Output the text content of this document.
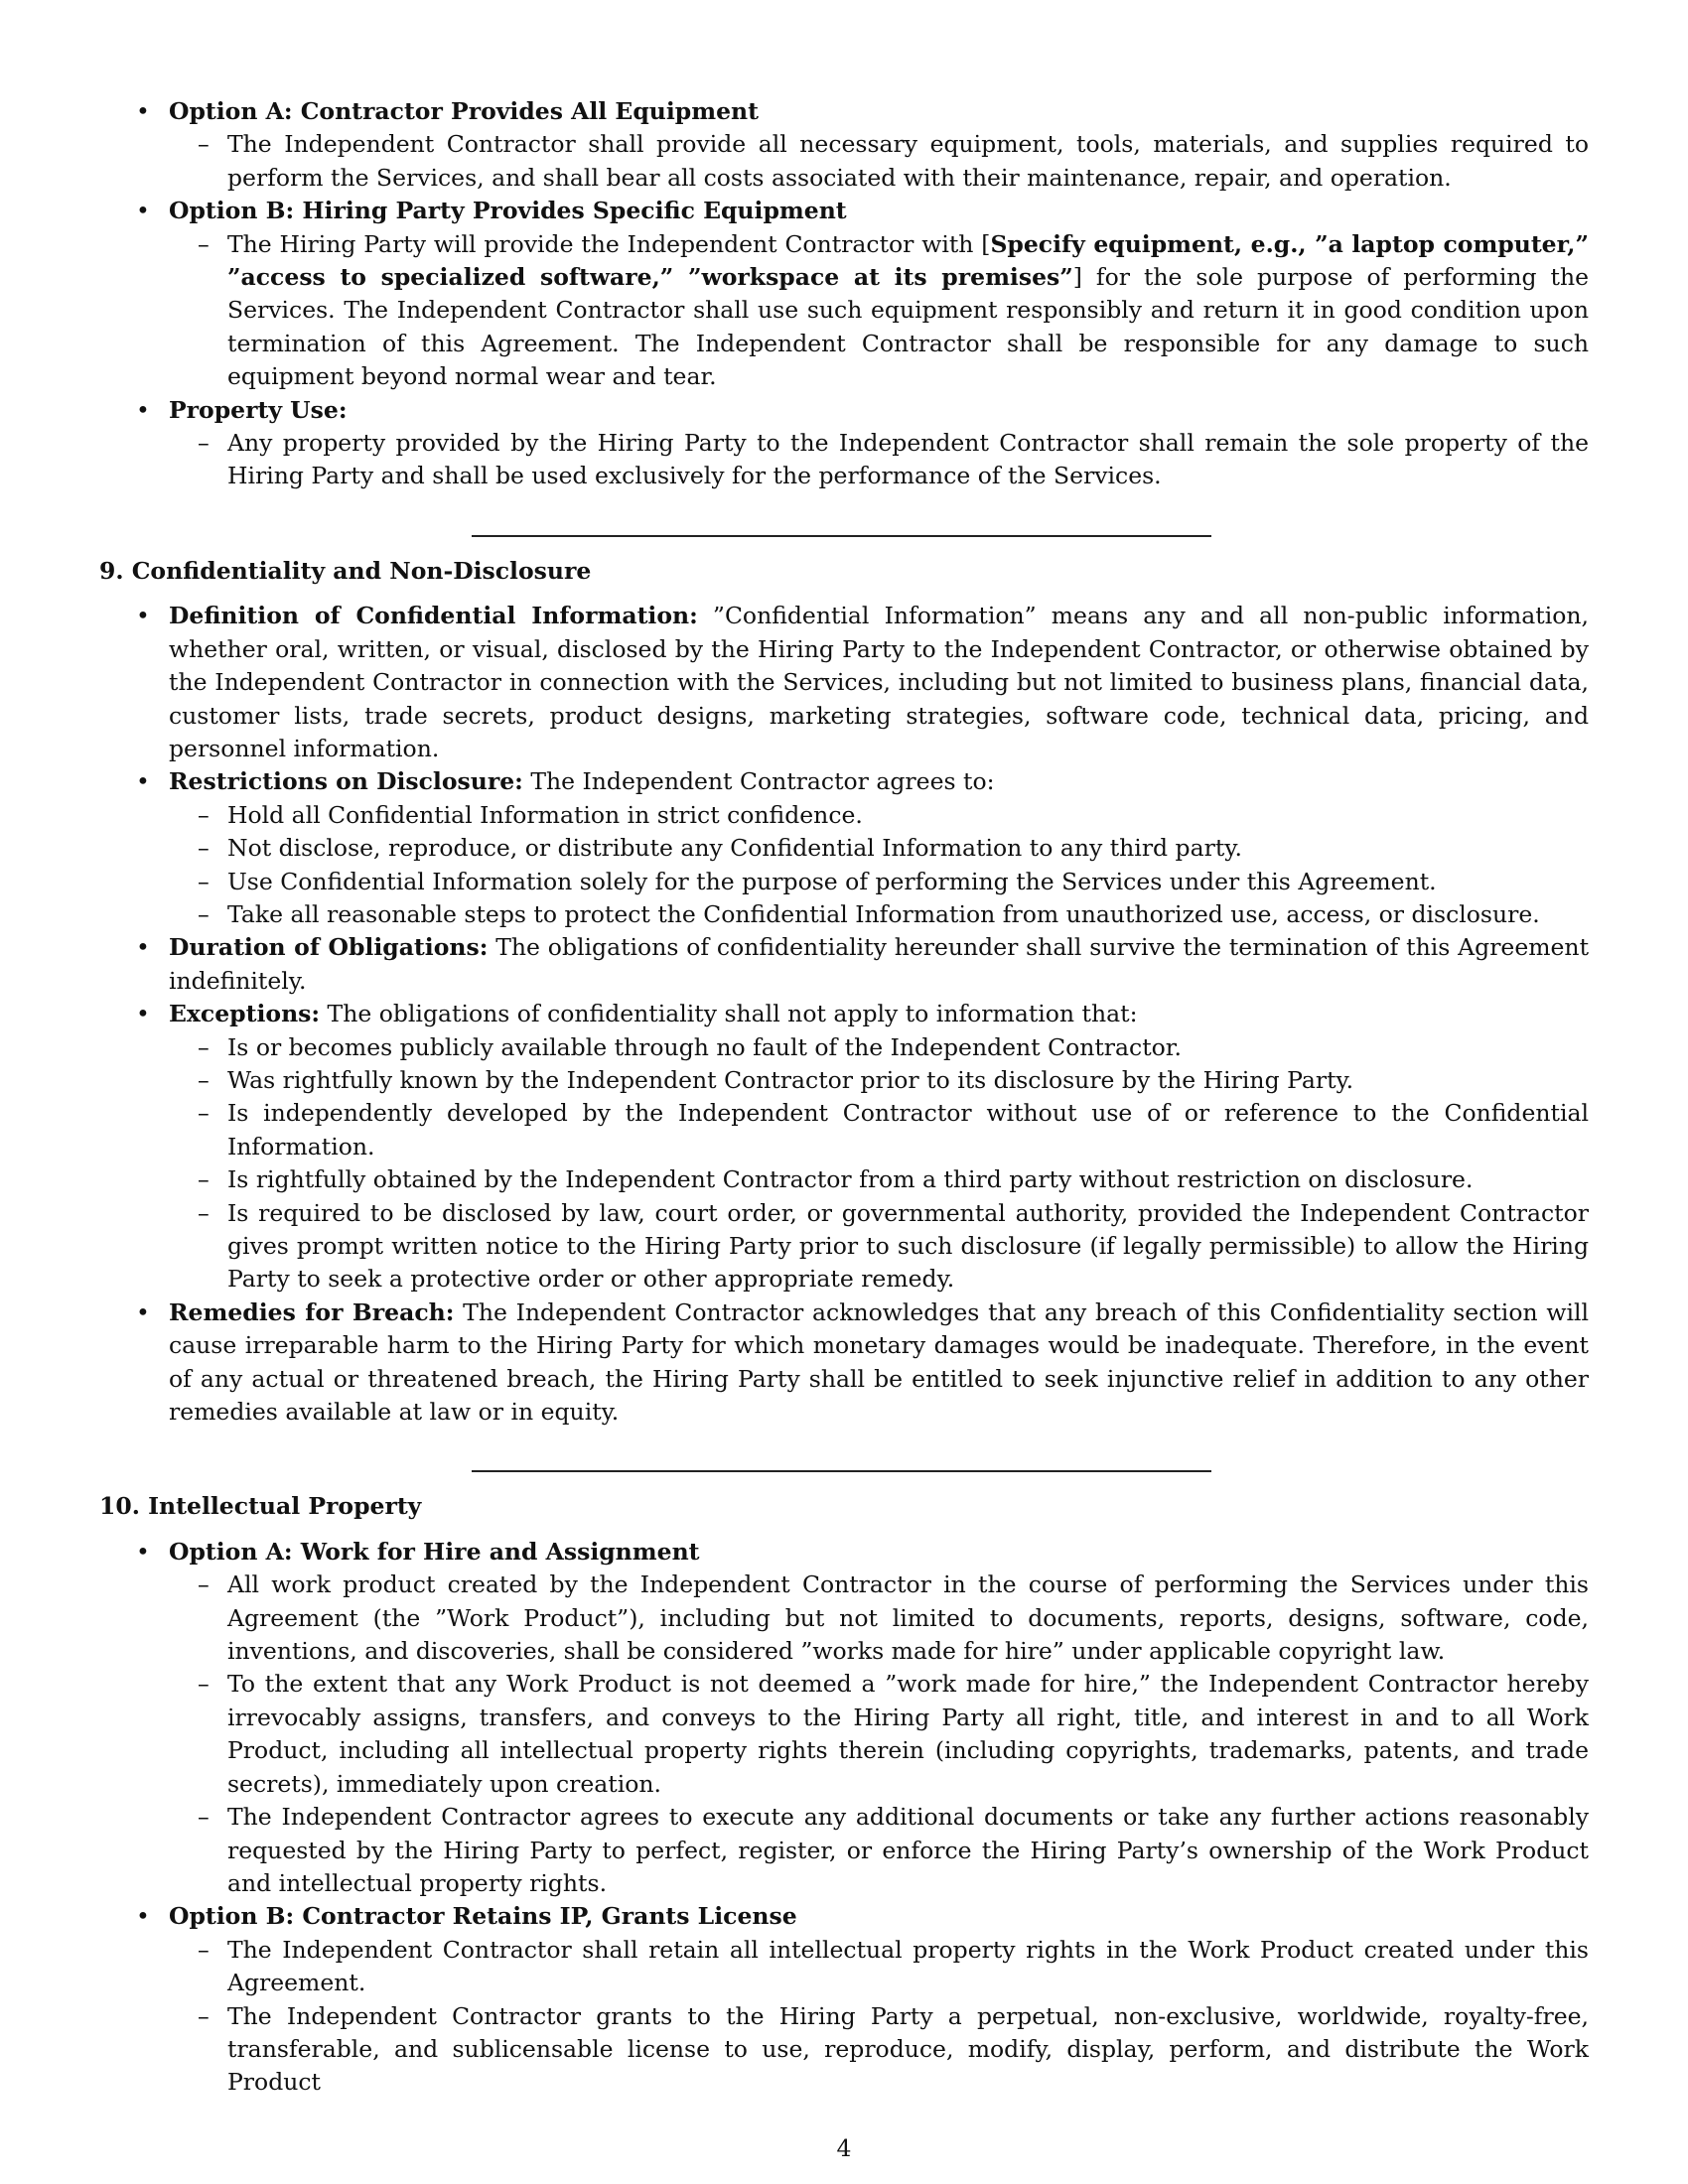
• Option A: Contractor Provides All Equipment
– The Independent Contractor shall provide all necessary equipment, tools, materials, and supplies required to perform the Services, and shall bear all costs associated with their maintenance, repair, and operation.
• Option B: Hiring Party Provides Specific Equipment
– The Hiring Party will provide the Independent Contractor with [Specify equipment, e.g., ”a laptop computer,” ”access to specialized software,” ”workspace at its premises”] for the sole purpose of performing the Services. The Independent Contractor shall use such equipment responsibly and return it in good condition upon termination of this Agreement. The Independent Contractor shall be responsible for any damage to such equipment beyond normal wear and tear.
• Property Use:
– Any property provided by the Hiring Party to the Independent Contractor shall remain the sole property of the Hiring Party and shall be used exclusively for the performance of the Services.
9. Confidentiality and Non-Disclosure
• Definition of Confidential Information: ”Confidential Information” means any and all non-public information, whether oral, written, or visual, disclosed by the Hiring Party to the Independent Contractor, or otherwise obtained by the Independent Contractor in connection with the Services, including but not limited to business plans, financial data, customer lists, trade secrets, product designs, marketing strategies, software code, technical data, pricing, and personnel information.
• Restrictions on Disclosure: The Independent Contractor agrees to:
– Hold all Confidential Information in strict confidence.
– Not disclose, reproduce, or distribute any Confidential Information to any third party.
– Use Confidential Information solely for the purpose of performing the Services under this Agreement.
– Take all reasonable steps to protect the Confidential Information from unauthorized use, access, or disclosure.
• Duration of Obligations: The obligations of confidentiality hereunder shall survive the termination of this Agreement indefinitely.
• Exceptions: The obligations of confidentiality shall not apply to information that:
– Is or becomes publicly available through no fault of the Independent Contractor.
– Was rightfully known by the Independent Contractor prior to its disclosure by the Hiring Party.
– Is independently developed by the Independent Contractor without use of or reference to the Confidential Information.
– Is rightfully obtained by the Independent Contractor from a third party without restriction on disclosure.
– Is required to be disclosed by law, court order, or governmental authority, provided the Independent Contractor gives prompt written notice to the Hiring Party prior to such disclosure (if legally permissible) to allow the Hiring Party to seek a protective order or other appropriate remedy.
• Remedies for Breach: The Independent Contractor acknowledges that any breach of this Confidentiality section will cause irreparable harm to the Hiring Party for which monetary damages would be inadequate. Therefore, in the event of any actual or threatened breach, the Hiring Party shall be entitled to seek injunctive relief in addition to any other remedies available at law or in equity.
10. Intellectual Property
• Option A: Work for Hire and Assignment
– All work product created by the Independent Contractor in the course of performing the Services under this Agreement (the ”Work Product”), including but not limited to documents, reports, designs, software, code, inventions, and discoveries, shall be considered ”works made for hire” under applicable copyright law.
– To the extent that any Work Product is not deemed a ”work made for hire,” the Independent Contractor hereby irrevocably assigns, transfers, and conveys to the Hiring Party all right, title, and interest in and to all Work Product, including all intellectual property rights therein (including copyrights, trademarks, patents, and trade secrets), immediately upon creation.
– The Independent Contractor agrees to execute any additional documents or take any further actions reasonably requested by the Hiring Party to perfect, register, or enforce the Hiring Party’s ownership of the Work Product and intellectual property rights.
• Option B: Contractor Retains IP, Grants License
– The Independent Contractor shall retain all intellectual property rights in the Work Product created under this Agreement.
– The Independent Contractor grants to the Hiring Party a perpetual, non-exclusive, worldwide, royalty-free, transferable, and sublicensable license to use, reproduce, modify, display, perform, and distribute the Work Product
4
